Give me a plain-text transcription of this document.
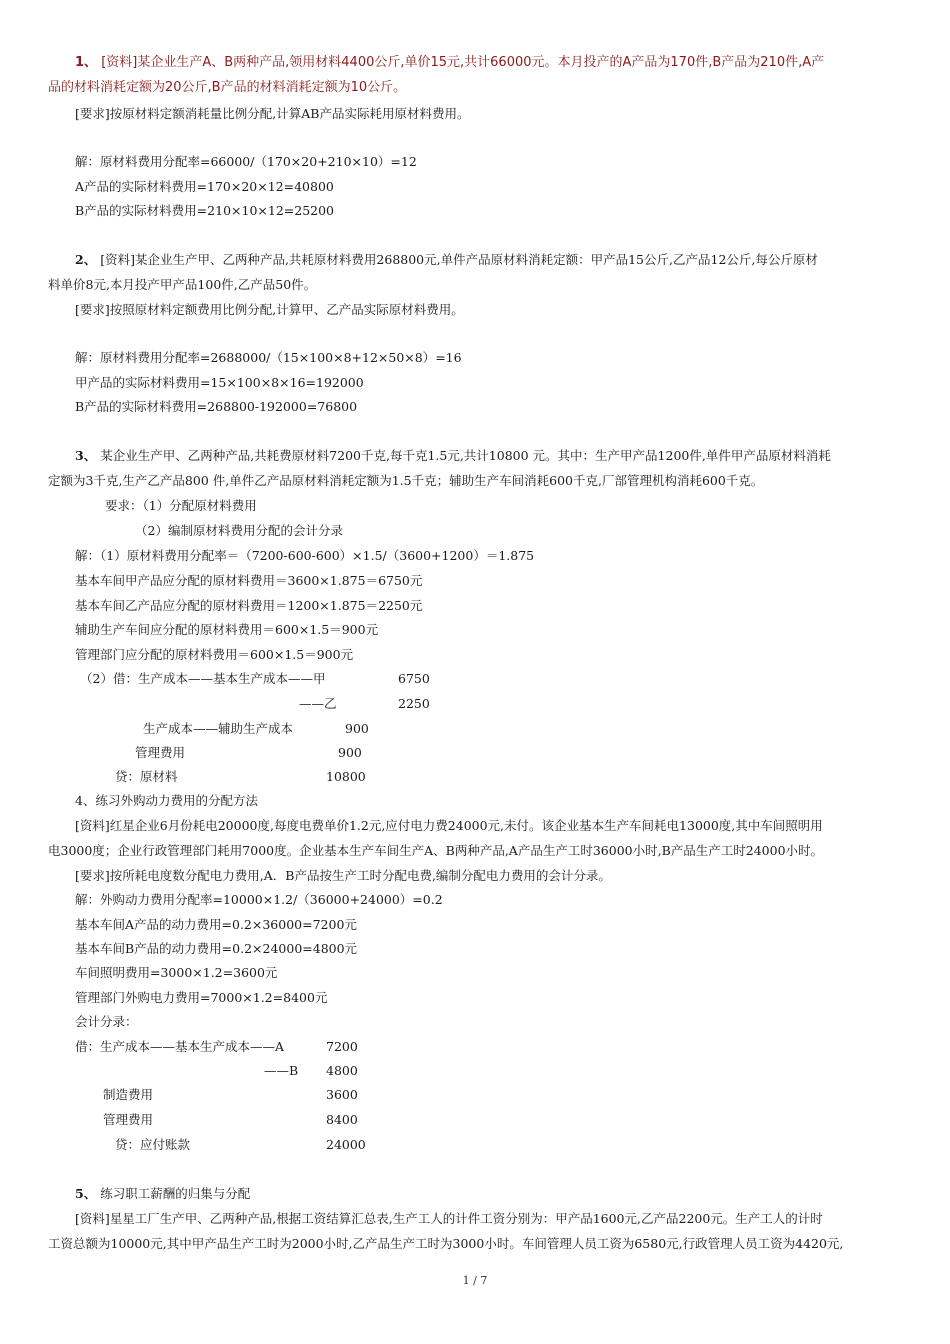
1、 [资料]某企业生产A、B两种产品,领用材料4400公斤,单价15元,共计66000元。本月投产的A产品为170件,B产品为210件,A产
品的材料消耗定额为20公斤,B产品的材料消耗定额为10公斤。
[要求]按原材料定额消耗量比例分配,计算AB产品实际耗用原材料费用。
解：原材料费用分配率=66000/（170×20+210×10）=12
A产品的实际材料费用=170×20×12=40800
B产品的实际材料费用=210×10×12=25200
2、 [资料]某企业生产甲、乙两种产品,共耗原材料费用268800元,单件产品原材料消耗定额：甲产品15公斤,乙产品12公斤,每公斤原材
料单价8元,本月投产甲产品100件,乙产品50件。
[要求]按照原材料定额费用比例分配,计算甲、乙产品实际原材料费用。
解：原材料费用分配率=2688000/（15×100×8+12×50×8）=16
甲产品的实际材料费用=15×100×8×16=192000
B产品的实际材料费用=268800-192000=76800
3、 某企业生产甲、乙两种产品,共耗费原材料7200千克,每千克1.5元,共计10800 元。其中：生产甲产品1200件,单件甲产品原材料消耗
定额为3千克,生产乙产品800 件,单件乙产品原材料消耗定额为1.5千克；辅助生产车间消耗600千克,厂部管理机构消耗600千克。
要求：（1）分配原材料费用
（2）编制原材料费用分配的会计分录
解：（1）原材料费用分配率＝（7200-600-600）×1.5/（3600+1200）＝1.875
基本车间甲产品应分配的原材料费用＝3600×1.875＝6750元
基本车间乙产品应分配的原材料费用＝1200×1.875＝2250元
辅助生产车间应分配的原材料费用＝600×1.5＝900元
管理部门应分配的原材料费用＝600×1.5＝900元
（2）借：生产成本——基本生产成本——甲	6750
——乙	2250
生产成本——辅助生产成本	900
管理费用	900
贷：原材料	10800
4、练习外购动力费用的分配方法
[资料]红星企业6月份耗电20000度,每度电费单价1.2元,应付电力费24000元,未付。该企业基本生产车间耗电13000度,其中车间照明用
电3000度；企业行政管理部门耗用7000度。企业基本生产车间生产A、B两种产品,A产品生产工时36000小时,B产品生产工时24000小时。
[要求]按所耗电度数分配电力费用,A．B产品按生产工时分配电费,编制分配电力费用的会计分录。
解：外购动力费用分配率=10000×1.2/（36000+24000）=0.2
基本车间A产品的动力费用=0.2×36000=7200元
基本车间B产品的动力费用=0.2×24000=4800元
车间照明费用=3000×1.2=3600元
管理部门外购电力费用=7000×1.2=8400元
会计分录：
借：生产成本——基本生产成本——A	7200
——B 4800
制造费用	3600
管理费用	8400
贷：应付账款	24000
5、 练习职工薪酬的归集与分配
[资料]星星工厂生产甲、乙两种产品,根据工资结算汇总表,生产工人的计件工资分别为：甲产品1600元,乙产品2200元。生产工人的计时
工资总额为10000元,其中甲产品生产工时为2000小时,乙产品生产工时为3000小时。车间管理人员工资为6580元,行政管理人员工资为4420元,
1 / 7
